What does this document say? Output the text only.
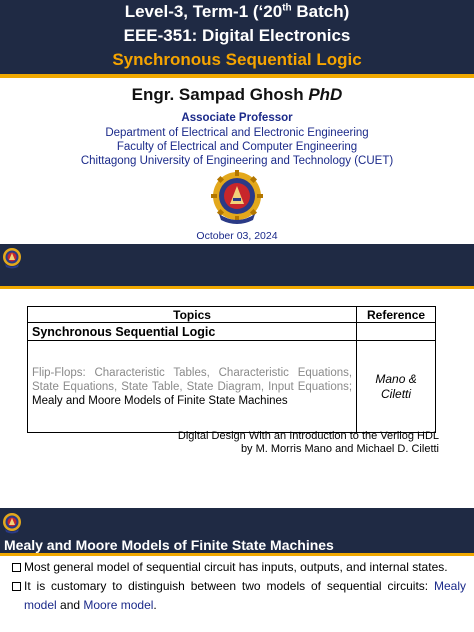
Level-3, Term-1 (‘20th Batch)
EEE-351: Digital Electronics
Synchronous Sequential Logic
Engr. Sampad Ghosh PhD
Associate Professor
Department of Electrical and Electronic Engineering
Faculty of Electrical and Computer Engineering
Chittagong University of Engineering and Technology (CUET)
October 03, 2024
Topics	Reference
Synchronous Sequential Logic	
Flip-Flops: Characteristic Tables, Characteristic Equations, State Equations, State Table, State Diagram, Input Equations; Mealy and Moore Models of Finite State Machines	Mano &
Ciletti
Digital Design With an Introduction to the Verilog HDL
by M. Morris Mano and Michael D. Ciletti
Mealy and Moore Models of Finite State Machines
Most general model of sequential circuit has inputs, outputs, and internal states.
It is customary to distinguish between two models of sequential circuits: Mealy model and Moore model.
